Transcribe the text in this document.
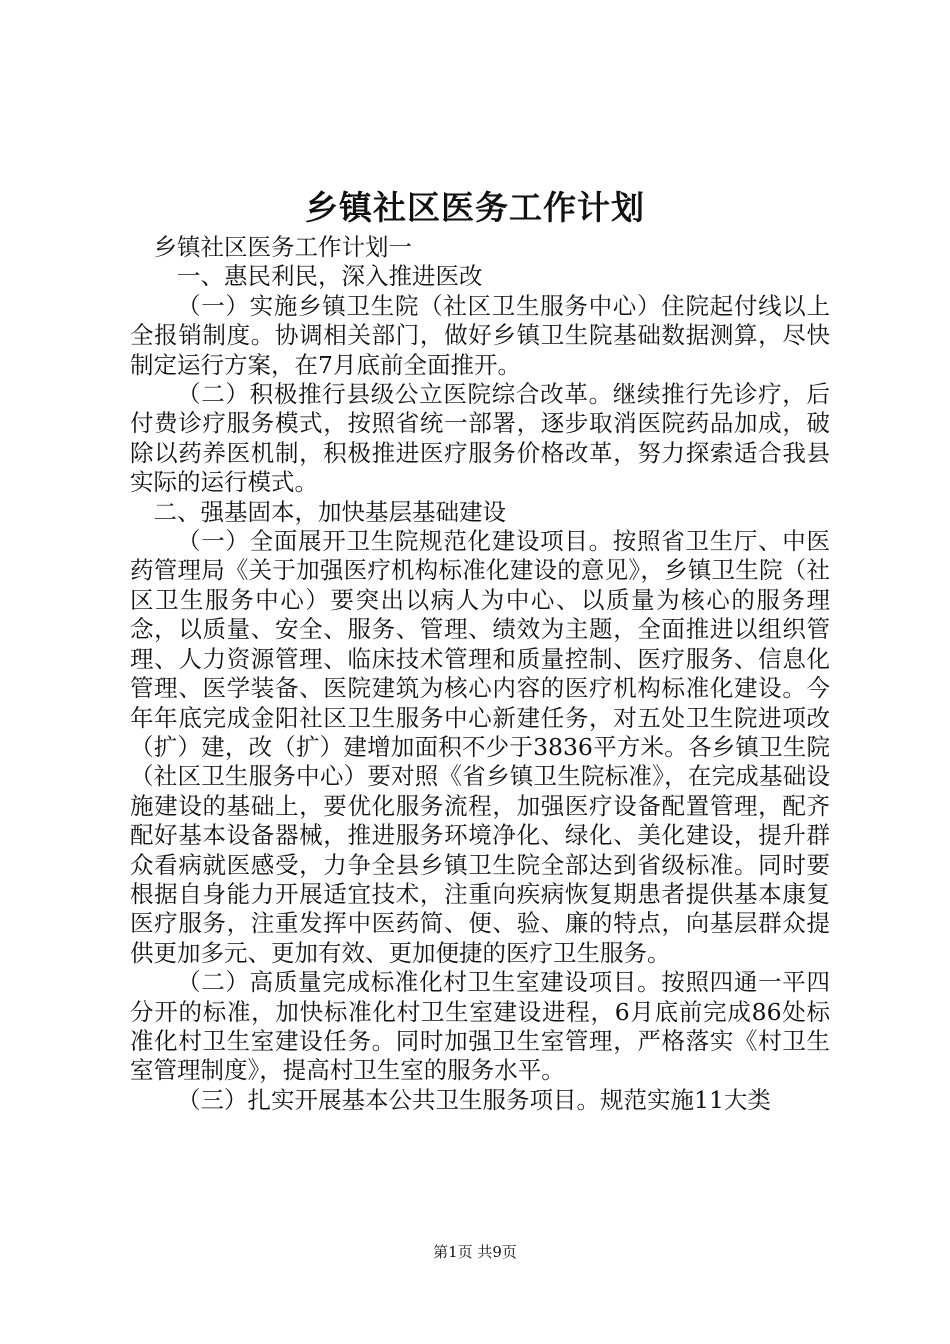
乡镇社区医务工作计划

乡镇社区医务工作计划一

一、惠民利民，深入推进医改

（一）实施乡镇卫生院（社区卫生服务中心）住院起付线以上全报销制度。协调相关部门，做好乡镇卫生院基础数据测算，尽快制定运行方案，在7月底前全面推开。

（二）积极推行县级公立医院综合改革。继续推行先诊疗，后付费诊疗服务模式，按照省统一部署，逐步取消医院药品加成，破除以药养医机制，积极推进医疗服务价格改革，努力探索适合我县实际的运行模式。

二、强基固本，加快基层基础建设

（一）全面展开卫生院规范化建设项目。按照省卫生厅、中医药管理局《关于加强医疗机构标准化建设的意见》，乡镇卫生院（社区卫生服务中心）要突出以病人为中心、以质量为核心的服务理念，以质量、安全、服务、管理、绩效为主题，全面推进以组织管理、人力资源管理、临床技术管理和质量控制、医疗服务、信息化管理、医学装备、医院建筑为核心内容的医疗机构标准化建设。今年年底完成金阳社区卫生服务中心新建任务，对五处卫生院进项改（扩）建，改（扩）建增加面积不少于3836平方米。各乡镇卫生院（社区卫生服务中心）要对照《省乡镇卫生院标准》，在完成基础设施建设的基础上，要优化服务流程，加强医疗设备配置管理，配齐配好基本设备器械，推进服务环境净化、绿化、美化建设，提升群众看病就医感受，力争全县乡镇卫生院全部达到省级标准。同时要根据自身能力开展适宜技术，注重向疾病恢复期患者提供基本康复医疗服务，注重发挥中医药简、便、验、廉的特点，向基层群众提供更加多元、更加有效、更加便捷的医疗卫生服务。

（二）高质量完成标准化村卫生室建设项目。按照四通一平四分开的标准，加快标准化村卫生室建设进程，6月底前完成86处标准化村卫生室建设任务。同时加强卫生室管理，严格落实《村卫生室管理制度》，提高村卫生室的服务水平。

（三）扎实开展基本公共卫生服务项目。规范实施11大类

第1页 共9页
